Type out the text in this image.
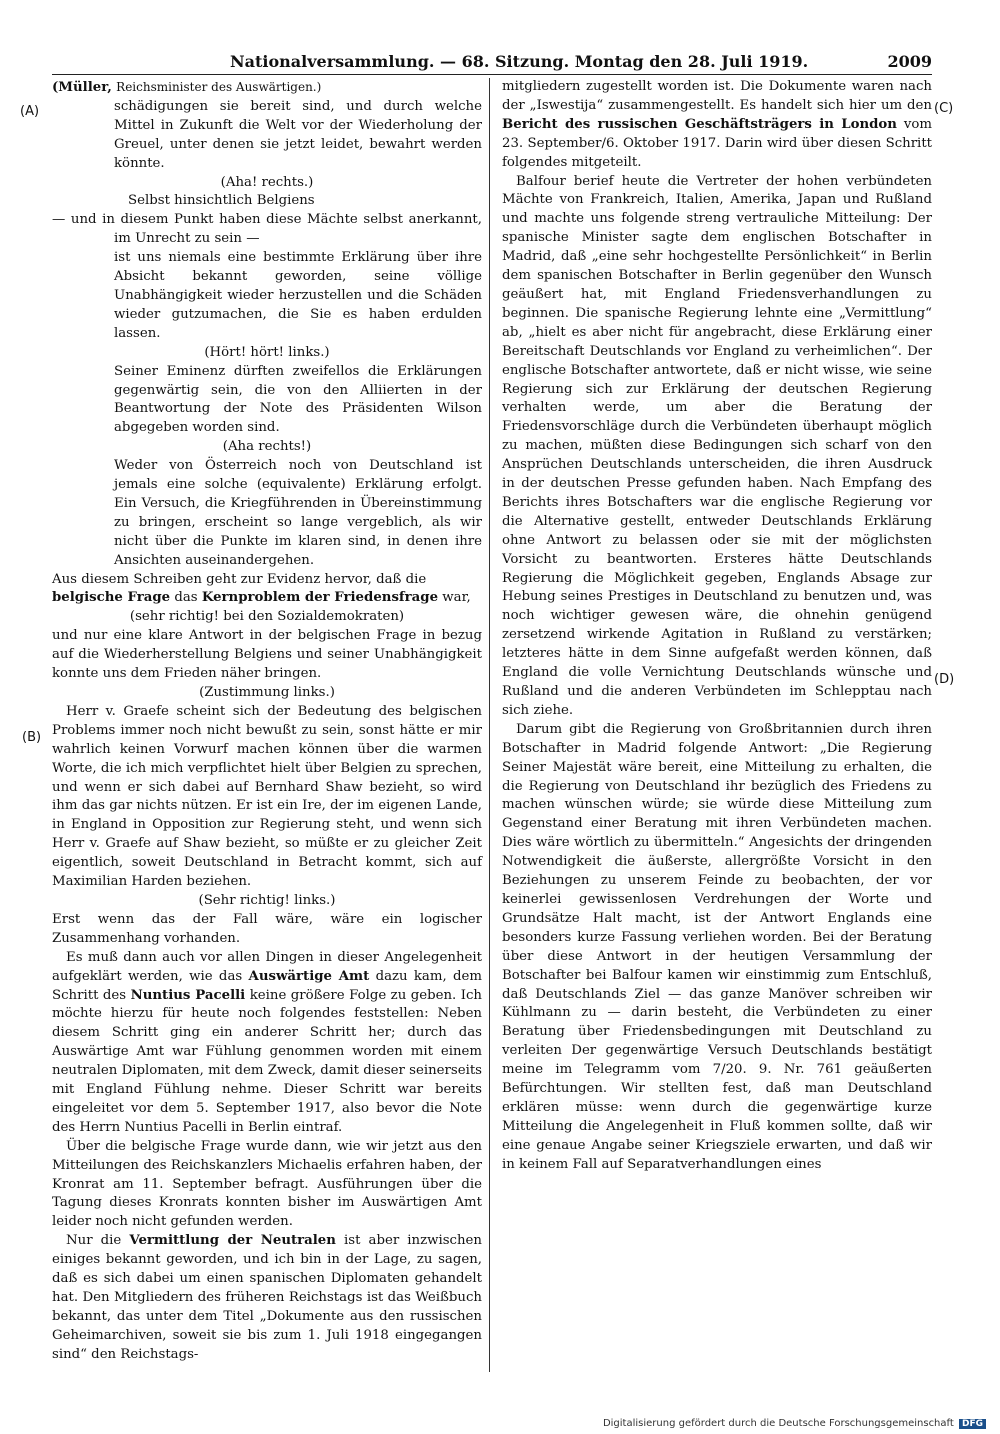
Nationalversammlung. — 68. Sitzung. Montag den 28. Juli 1919.	2009
(A)
(B)
(C)
(D)

(Müller, Reichsminister des Auswärtigen.)

schädigungen sie bereit sind, und durch welche Mittel in Zukunft die Welt vor der Wiederholung der Greuel, unter denen sie jetzt leidet, bewahrt werden könnte.

(Aha! rechts.)

Selbst hinsichtlich Belgiens

— und in diesem Punkt haben diese Mächte selbst anerkannt, im Unrecht zu sein —

ist uns niemals eine bestimmte Erklärung über ihre Absicht bekannt geworden, seine völlige Unabhängigkeit wieder herzustellen und die Schäden wieder gutzumachen, die Sie es haben erdulden lassen.

(Hört! hört! links.)

Seiner Eminenz dürften zweifellos die Erklärungen gegenwärtig sein, die von den Alliierten in der Beantwortung der Note des Präsidenten Wilson abgegeben worden sind.

(Aha rechts!)

Weder von Österreich noch von Deutschland ist jemals eine solche (equivalente) Erklärung erfolgt. Ein Versuch, die Kriegführenden in Übereinstimmung zu bringen, erscheint so lange vergeblich, als wir nicht über die Punkte im klaren sind, in denen ihre Ansichten auseinandergehen.

Aus diesem Schreiben geht zur Evidenz hervor, daß die

belgische Frage das Kernproblem der Friedensfrage war,

(sehr richtig! bei den Sozialdemokraten)

und nur eine klare Antwort in der belgischen Frage in bezug auf die Wiederherstellung Belgiens und seiner Unabhängigkeit konnte uns dem Frieden näher bringen.

(Zustimmung links.)

Herr v. Graefe scheint sich der Bedeutung des belgischen Problems immer noch nicht bewußt zu sein, sonst hätte er mir wahrlich keinen Vorwurf machen können über die warmen Worte, die ich mich verpflichtet hielt über Belgien zu sprechen, und wenn er sich dabei auf Bernhard Shaw bezieht, so wird ihm das gar nichts nützen. Er ist ein Ire, der im eigenen Lande, in England in Opposition zur Regierung steht, und wenn sich Herr v. Graefe auf Shaw bezieht, so müßte er zu gleicher Zeit eigentlich, soweit Deutschland in Betracht kommt, sich auf Maximilian Harden beziehen.

(Sehr richtig! links.)

Erst wenn das der Fall wäre, wäre ein logischer Zusammenhang vorhanden.

Es muß dann auch vor allen Dingen in dieser Angelegenheit aufgeklärt werden, wie das Auswärtige Amt dazu kam, dem Schritt des Nuntius Pacelli keine größere Folge zu geben. Ich möchte hierzu für heute noch folgendes feststellen: Neben diesem Schritt ging ein anderer Schritt her; durch das Auswärtige Amt war Fühlung genommen worden mit einem neutralen Diplomaten, mit dem Zweck, damit dieser seinerseits mit England Fühlung nehme. Dieser Schritt war bereits eingeleitet vor dem 5. September 1917, also bevor die Note des Herrn Nuntius Pacelli in Berlin eintraf.

Über die belgische Frage wurde dann, wie wir jetzt aus den Mitteilungen des Reichskanzlers Michaelis erfahren haben, der Kronrat am 11. September befragt. Ausführungen über die Tagung dieses Kronrats konnten bisher im Auswärtigen Amt leider noch nicht gefunden werden.

Nur die Vermittlung der Neutralen ist aber inzwischen einiges bekannt geworden, und ich bin in der Lage, zu sagen, daß es sich dabei um einen spanischen Diplomaten gehandelt hat. Den Mitgliedern des früheren Reichstags ist das Weißbuch bekannt, das unter dem Titel „Dokumente aus den russischen Geheimarchiven, soweit sie bis zum 1. Juli 1918 eingegangen sind“ den Reichstags-

mitgliedern zugestellt worden ist. Die Dokumente waren nach der „Iswestija“ zusammengestellt. Es handelt sich hier um den Bericht des russischen Geschäftsträgers in London vom 23. September/6. Oktober 1917. Darin wird über diesen Schritt folgendes mitgeteilt.

Balfour berief heute die Vertreter der hohen verbündeten Mächte von Frankreich, Italien, Amerika, Japan und Rußland und machte uns folgende streng vertrauliche Mitteilung: Der spanische Minister sagte dem englischen Botschafter in Madrid, daß „eine sehr hochgestellte Persönlichkeit“ in Berlin dem spanischen Botschafter in Berlin gegenüber den Wunsch geäußert hat, mit England Friedensverhandlungen zu beginnen. Die spanische Regierung lehnte eine „Vermittlung“ ab, „hielt es aber nicht für angebracht, diese Erklärung einer Bereitschaft Deutschlands vor England zu verheimlichen“. Der englische Botschafter antwortete, daß er nicht wisse, wie seine Regierung sich zur Erklärung der deutschen Regierung verhalten werde, um aber die Beratung der Friedensvorschläge durch die Verbündeten überhaupt möglich zu machen, müßten diese Bedingungen sich scharf von den Ansprüchen Deutschlands unterscheiden, die ihren Ausdruck in der deutschen Presse gefunden haben. Nach Empfang des Berichts ihres Botschafters war die englische Regierung vor die Alternative gestellt, entweder Deutschlands Erklärung ohne Antwort zu belassen oder sie mit der möglichsten Vorsicht zu beantworten. Ersteres hätte Deutschlands Regierung die Möglichkeit gegeben, Englands Absage zur Hebung seines Prestiges in Deutschland zu benutzen und, was noch wichtiger gewesen wäre, die ohnehin genügend zersetzend wirkende Agitation in Rußland zu verstärken; letzteres hätte in dem Sinne aufgefaßt werden können, daß England die volle Vernichtung Deutschlands wünsche und Rußland und die anderen Verbündeten im Schlepptau nach sich ziehe.

Darum gibt die Regierung von Großbritannien durch ihren Botschafter in Madrid folgende Antwort: „Die Regierung Seiner Majestät wäre bereit, eine Mitteilung zu erhalten, die die Regierung von Deutschland ihr bezüglich des Friedens zu machen wünschen würde; sie würde diese Mitteilung zum Gegenstand einer Beratung mit ihren Verbündeten machen. Dies wäre wörtlich zu übermitteln.“ Angesichts der dringenden Notwendigkeit die äußerste, allergrößte Vorsicht in den Beziehungen zu unserem Feinde zu beobachten, der vor keinerlei gewissenlosen Verdrehungen der Worte und Grundsätze Halt macht, ist der Antwort Englands eine besonders kurze Fassung verliehen worden. Bei der Beratung über diese Antwort in der heutigen Versammlung der Botschafter bei Balfour kamen wir einstimmig zum Entschluß, daß Deutschlands Ziel — das ganze Manöver schreiben wir Kühlmann zu — darin besteht, die Verbündeten zu einer Beratung über Friedensbedingungen mit Deutschland zu verleiten Der gegenwärtige Versuch Deutschlands bestätigt meine im Telegramm vom 7/20. 9. Nr. 761 geäußerten Befürchtungen. Wir stellten fest, daß man Deutschland erklären müsse: wenn durch die gegenwärtige kurze Mitteilung die Angelegenheit in Fluß kommen sollte, daß wir eine genaue Angabe seiner Kriegsziele erwarten, und daß wir in keinem Fall auf Separatverhandlungen eines

Digitalisierung gefördert durch die Deutsche Forschungsgemeinschaft DFG
